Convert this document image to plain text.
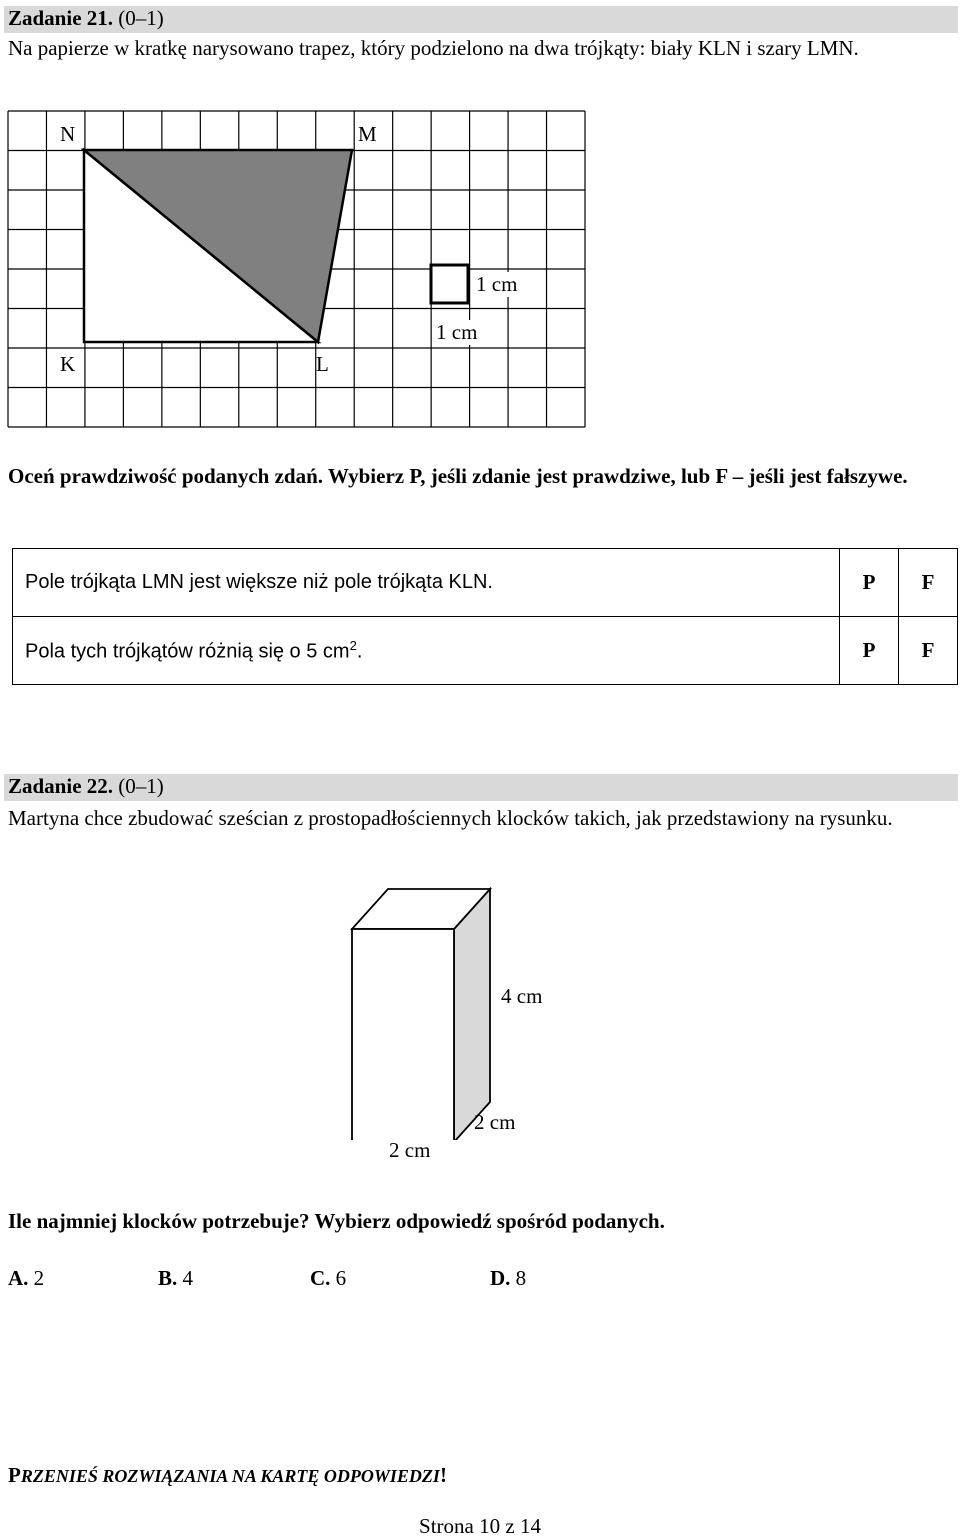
Zadanie 21. (0–1)
Na papierze w kratkę narysowano trapez, który podzielono na dwa trójkąty: biały KLN i szary LMN.
N	M
K	L
1 cm
1 cm
Oceń prawdziwość podanych zdań. Wybierz P, jeśli zdanie jest prawdziwe, lub F – jeśli jest fałszywe.
Pole trójkąta LMN jest większe niż pole trójkąta KLN.	P	F
Pola tych trójkątów różnią się o 5 $cm^2$.	P	F
Zadanie 22. (0–1)
Martyna chce zbudować sześcian z prostopadłościennych klocków takich, jak przedstawiony na rysunku.
4 cm
2 cm
2 cm
Ile najmniej klocków potrzebuje? Wybierz odpowiedź spośród podanych.
A. 2	B. 4	C. 6	D. 8
PRZENIEŚ ROZWIĄZANIA NA KARTĘ ODPOWIEDZI!
Strona 10 z 14
